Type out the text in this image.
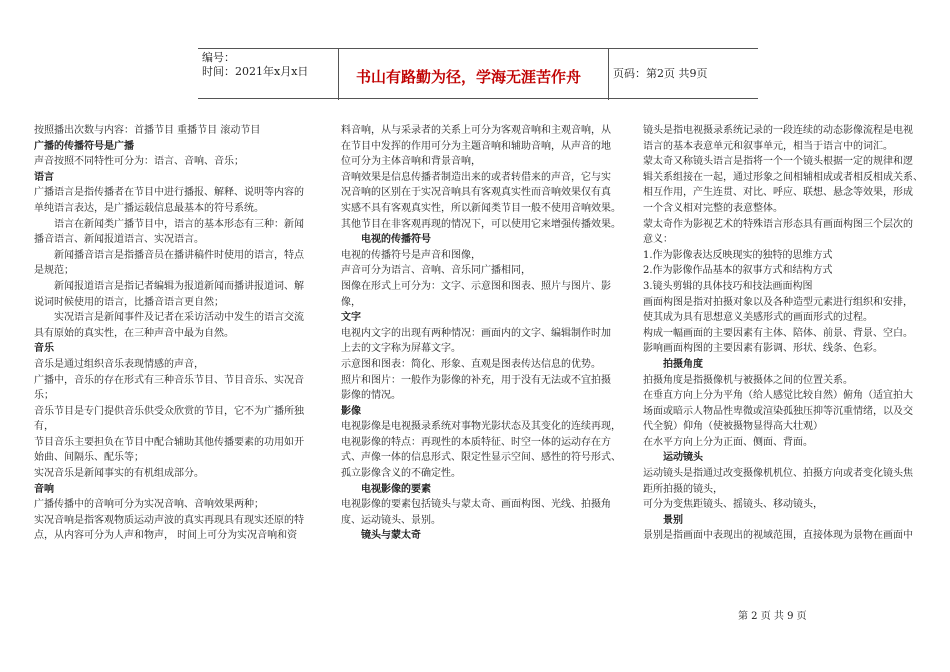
编号：
时间：2021年x月x日	书山有路勤为径，学海无涯苦作舟	页码：第2页 共9页
按照播出次数与内容：首播节目 重播节目 滚动节目
广播的传播符号是广播
声音按照不同特性可分为：语言、音响、音乐；
语言
广播语言是指传播者在节目中进行播报、解释、说明等内容的
单纯语言表达，是广播运载信息最基本的符号系统。
语言在新闻类广播节目中，语言的基本形态有三种：新闻
播音语言、新闻报道语言、实况语言。
新闻播音语言是指播音员在播讲稿件时使用的语言，特点
是规范；
新闻报道语言是指记者编辑为报道新闻而播讲报道词、解
说词时候使用的语言，比播音语言更自然；
实况语言是新闻事件及记者在采访活动中发生的语言交流
具有原始的真实性，在三种声音中最为自然。
音乐
音乐是通过组织音乐表现情感的声音，
广播中，音乐的存在形式有三种音乐节目、节目音乐、实况音
乐；
音乐节目是专门提供音乐供受众欣赏的节目，它不为广播所独
有，
节目音乐主要担负在节目中配合辅助其他传播要素的功用如开
始曲、间隔乐、配乐等；
实况音乐是新闻事实的有机组成部分。
音响
广播传播中的音响可分为实况音响、音响效果两种；
实况音响是指客观物质运动声波的真实再现具有现实还原的特
点，从内容可分为人声和物声， 时间上可分为实况音响和资
料音响，从与采录者的关系上可分为客观音响和主观音响，从
在节目中发挥的作用可分为主题音响和辅助音响，从声音的地
位可分为主体音响和背景音响，
音响效果是信息传播者制造出来的或者转借来的声音，它与实
况音响的区别在于实况音响具有客观真实性而音响效果仅有真
实感不具有客观真实性，所以新闻类节目一般不使用音响效果。
其他节目在非客观再现的情况下，可以使用它来增强传播效果。
电视的传播符号
电视的传播符号是声音和图像，
声音可分为语言、音响、音乐同广播相同，
图像在形式上可分为：文字、示意图和图表、照片与图片、影
像，
文字
电视内文字的出现有两种情况：画面内的文字、编辑制作时加
上去的文字称为屏幕文字。
示意图和图表：简化、形象、直观是图表传达信息的优势。
照片和图片：一般作为影像的补充，用于没有无法或不宜拍摄
影像的情况。
影像
电视影像是电视摄录系统对事物光影状态及其变化的连续再现，
电视影像的特点：再现性的本质特征、时空一体的运动存在方
式、声像一体的信息形式、限定性显示空间、感性的符号形式、
孤立影像含义的不确定性。
电视影像的要素
电视影像的要素包括镜头与蒙太奇、画面构图、光线、拍摄角
度、运动镜头、景别。
镜头与蒙太奇
镜头是指电视摄录系统记录的一段连续的动态影像流程是电视
语言的基本表意单元和叙事单元，相当于语言中的词汇。
蒙太奇又称镜头语言是指将一个一个镜头根据一定的规律和逻
辑关系组接在一起，通过形象之间相辅相成或者相反相成关系、
相互作用，产生连贯、对比、呼应、联想、悬念等效果，形成
一个含义相对完整的表意整体。
蒙太奇作为影视艺术的特殊语言形态具有画面构图三个层次的
意义：
1.作为影像表达反映现实的独特的思维方式
2.作为影像作品基本的叙事方式和结构方式
3.镜头剪辑的具体技巧和技法画面构图
画面构图是指对拍摄对象以及各种造型元素进行组织和安排，
使其成为具有思想意义美感形式的画面形式的过程。
构成一幅画面的主要因素有主体、陪体、前景、背景、空白。
影响画面构图的主要因素有影调、形状、线条、色彩。
拍摄角度
拍摄角度是指摄像机与被摄体之间的位置关系。
在垂直方向上分为平角（给人感觉比较自然）俯角（适宜拍大
场面或暗示人物品性卑微或渲染孤独压抑等沉重情绪，以及交
代全貌）仰角（使被摄物显得高大壮观）
在水平方向上分为正面、侧面、背面。
运动镜头
运动镜头是指通过改变摄像机机位、拍摄方向或者变化镜头焦
距所拍摄的镜头，
可分为变焦距镜头、摇镜头、移动镜头，
景别
景别是指画面中表现出的视域范围，直接体现为景物在画面中
第 2 页 共 9 页
